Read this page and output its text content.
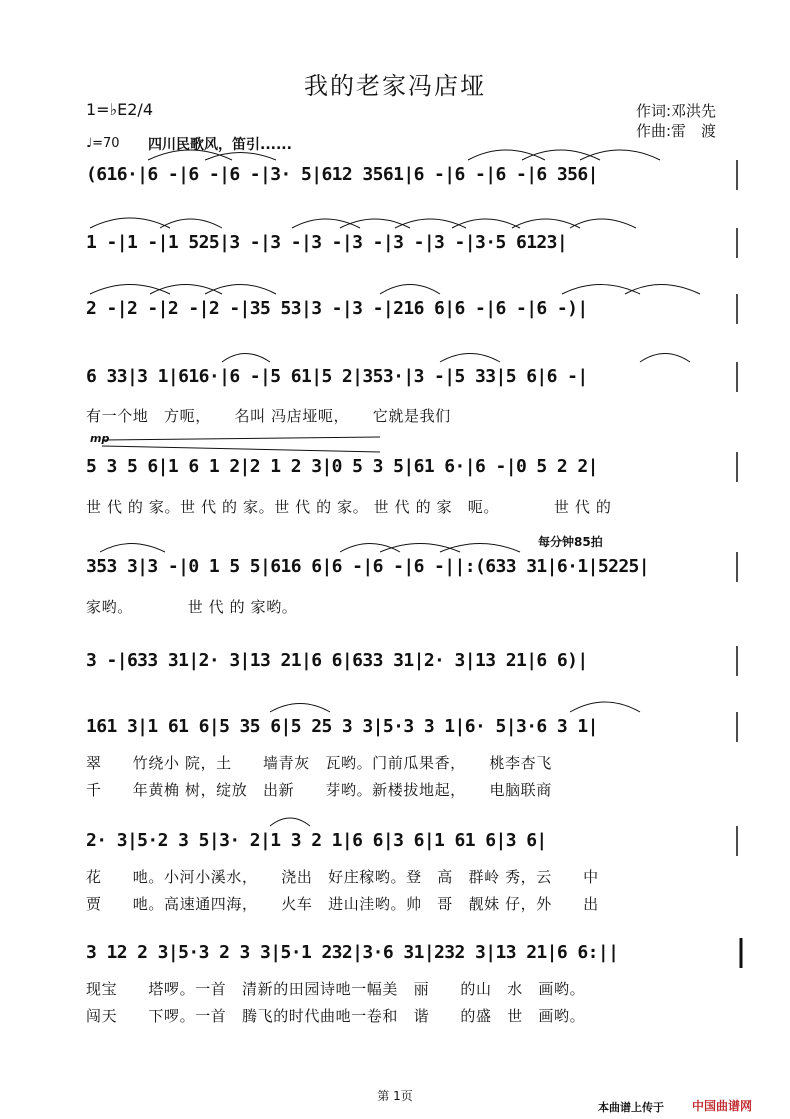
我的老家冯店垭
作词:邓洪先
作曲:雷　渡
1=♭E2/4
♩=70 四川民歌风，笛引......
(616·|6 -|6 -|6 -|3· 5|612 3561|6 -|6 -|6 -|6 356|
1 -|1 -|1 525|3 -|3 -|3 -|3 -|3 -|3 -|3·5 6123|
2 -|2 -|2 -|2 -|35 53|3 -|3 -|216 6|6 -|6 -|6 -)|
6 33|3 1|616·|6 -|5 61|5 2|353·|3 -|5 33|5 6|6 -|
有一个地　方呃，　　名叫 冯店垭呃，　　它就是我们
mp
5 3 5 6|1 6 1 2|2 1 2 3|0 5 3 5|61 6·|6 -|0 5 2 2|
世 代 的 家。世 代 的 家。世 代 的 家。 世 代 的 家　呃。　　　　世 代 的
每分钟85拍
353 3|3 -|0 1 5 5|616 6|6 -|6 -|6 -||:(633 31|6·1|5225|
家哟。　　　　世 代 的 家哟。
3 -|633 31|2· 3|13 21|6 6|633 31|2· 3|13 21|6 6)|
161 3|1 61 6|5 35 6|5 25 3 3|5·3 3 1|6· 5|3·6 3 1|
翠　　竹绕小 院，土　　墙青灰　瓦哟。门前瓜果香，　　桃李杏飞
千　　年黄桷 树，绽放　出新　　芽哟。新楼拔地起，　　电脑联商
2· 3|5·2 3 5|3· 2|1 3 2 1|6 6|3 6|1 61 6|3 6|
花　　吔。小河小溪水，　　浇出　好庄稼哟。登　高　群岭 秀，云　　中
贾　　吔。高速通四海，　　火车　进山洼哟。帅　哥　靓妹 仔，外　　出
3 12 2 3|5·3 2 3 3|5·1 232|3·6 31|232 3|13 21|6 6:||
现宝　　塔啰。一首　清新的田园诗吔一幅美　丽　　的山　水　画哟。
闯天　　下啰。一首　腾飞的时代曲吔一卷和　谐　　的盛　世　画哟。
第 1页
本曲谱上传于 中国曲谱网
